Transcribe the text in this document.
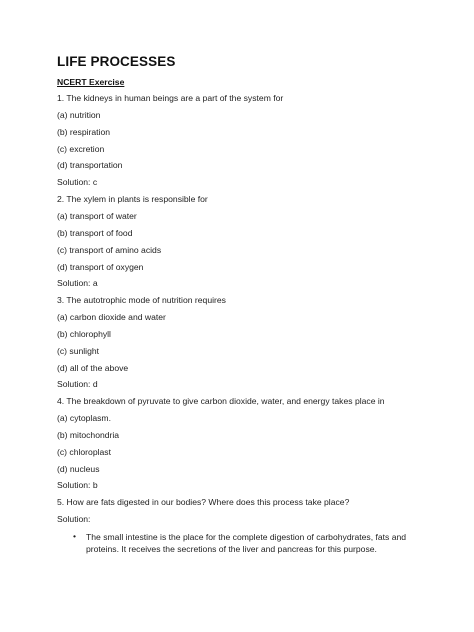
LIFE PROCESSES
NCERT Exercise
1. The kidneys in human beings are a part of the system for
(a) nutrition
(b) respiration
(c) excretion
(d) transportation
Solution: c
2. The xylem in plants is responsible for
(a) transport of water
(b) transport of food
(c) transport of amino acids
(d) transport of oxygen
Solution: a
3. The autotrophic mode of nutrition requires
(a) carbon dioxide and water
(b) chlorophyll
(c) sunlight
(d) all of the above
Solution: d
4. The breakdown of pyruvate to give carbon dioxide, water, and energy takes place in
(a) cytoplasm.
(b) mitochondria
(c) chloroplast
(d) nucleus
Solution: b
5. How are fats digested in our bodies? Where does this process take place?
Solution:
• The small intestine is the place for the complete digestion of carbohydrates, fats and proteins. It receives the secretions of the liver and pancreas for this purpose.
